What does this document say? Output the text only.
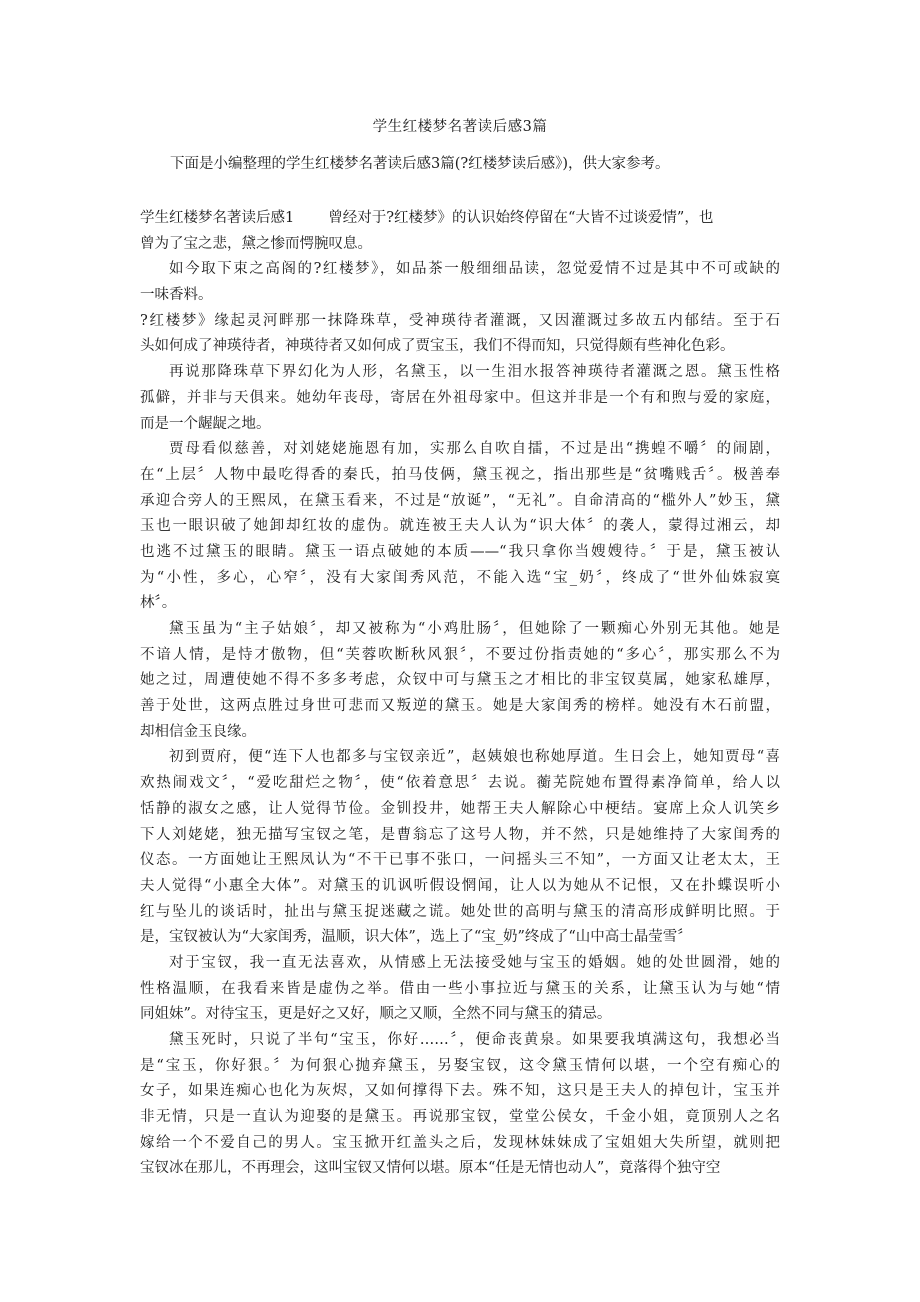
学生红楼梦名著读后感3篇
下面是小编整理的学生红楼梦名著读后感3篇(?红楼梦读后感》)，供大家参考。
学生红楼梦名著读后感1 曾经对于?红楼梦》的认识始终停留在“大皆不过谈爱情”，也
曾为了宝之悲，黛之惨而愕腕叹息。
如今取下束之高阁的?红楼梦》，如品茶一般细细品读，忽觉爱情不过是其中不可或缺的
一味香料。
?红楼梦》缘起灵河畔那一抹降珠草，受神瑛待者灌溉，又因灌溉过多故五内郁结。至于石
头如何成了神瑛待者，神瑛待者又如何成了贾宝玉，我们不得而知，只觉得颇有些神化色彩。
再说那降珠草下界幻化为人形，名黛玉，以一生泪水报答神瑛待者灌溉之恩。黛玉性格
孤僻，并非与天俱来。她幼年丧母，寄居在外祖母家中。但这并非是一个有和煦与爱的家庭，
而是一个龌龊之地。
贾母看似慈善，对刘姥姥施恩有加，实那么自吹自擂，不过是出“携蝗不嚼〞的闹剧，
在“上层〞人物中最吃得香的秦氏，拍马伎俩，黛玉视之，指出那些是“贫嘴贱舌〞。极善奉
承迎合旁人的王熙凤，在黛玉看来，不过是“放诞”，“无礼”。自命清高的“槛外人”妙玉，黛
玉也一眼识破了她卸却红妆的虚伪。就连被王夫人认为“识大体〞的袭人，蒙得过湘云，却
也逃不过黛玉的眼睛。黛玉一语点破她的本质——“我只拿你当嫂嫂待。〞于是，黛玉被认
为“小性，多心，心窄〞，没有大家闺秀风范，不能入选“宝_奶〞，终成了“世外仙姝寂寞
林〞。
黛玉虽为“主子姑娘〞，却又被称为“小鸡肚肠〞，但她除了一颗痴心外别无其他。她是
不谙人情，是恃才傲物，但“芙蓉吹断秋风狠〞，不要过份指责她的“多心〞，那实那么不为
她之过，周遭使她不得不多多考虑，众钗中可与黛玉之才相比的非宝钗莫属，她家私雄厚，
善于处世，这两点胜过身世可悲而又叛逆的黛玉。她是大家闺秀的榜样。她没有木石前盟，
却相信金玉良缘。
初到贾府，便“连下人也都多与宝钗亲近”，赵姨娘也称她厚道。生日会上，她知贾母“喜
欢热闹戏文〞，“爱吃甜烂之物〞，使“依着意思〞去说。蘅芜院她布置得素净简单，给人以
恬静的淑女之感，让人觉得节俭。金钏投井，她帮王夫人解除心中梗结。宴席上众人讥笑乡
下人刘姥姥，独无描写宝钗之笔，是曹翁忘了这号人物，并不然，只是她维持了大家闺秀的
仪态。一方面她让王熙凤认为“不干已事不张口，一问摇头三不知”，一方面又让老太太，王
夫人觉得“小惠全大体”。对黛玉的讥讽听假设惘闻，让人以为她从不记恨，又在扑蝶误听小
红与坠儿的谈话时，扯出与黛玉捉迷藏之谎。她处世的高明与黛玉的清高形成鲜明比照。于
是，宝钗被认为“大家闺秀，温顺，识大体”，选上了“宝_奶”终成了“山中高士晶莹雪〞
对于宝钗，我一直无法喜欢，从情感上无法接受她与宝玉的婚姻。她的处世圆滑，她的
性格温顺，在我看来皆是虚伪之举。借由一些小事拉近与黛玉的关系，让黛玉认为与她“情
同姐妹”。对待宝玉，更是好之又好，顺之又顺，全然不同与黛玉的猜忌。
黛玉死时，只说了半句“宝玉，你好……〞，便命丧黄泉。如果要我填满这句，我想必当
是“宝玉，你好狠。〞为何狠心抛弃黛玉，另娶宝钗，这令黛玉情何以堪，一个空有痴心的
女子，如果连痴心也化为灰烬，又如何撑得下去。殊不知，这只是王夫人的掉包计，宝玉并
非无情，只是一直认为迎娶的是黛玉。再说那宝钗，堂堂公侯女，千金小姐，竟顶别人之名
嫁给一个不爱自己的男人。宝玉掀开红盖头之后，发现林妹妹成了宝姐姐大失所望，就则把
宝钗冰在那儿，不再理会，这叫宝钗又情何以堪。原本“任是无情也动人”，竟落得个独守空
